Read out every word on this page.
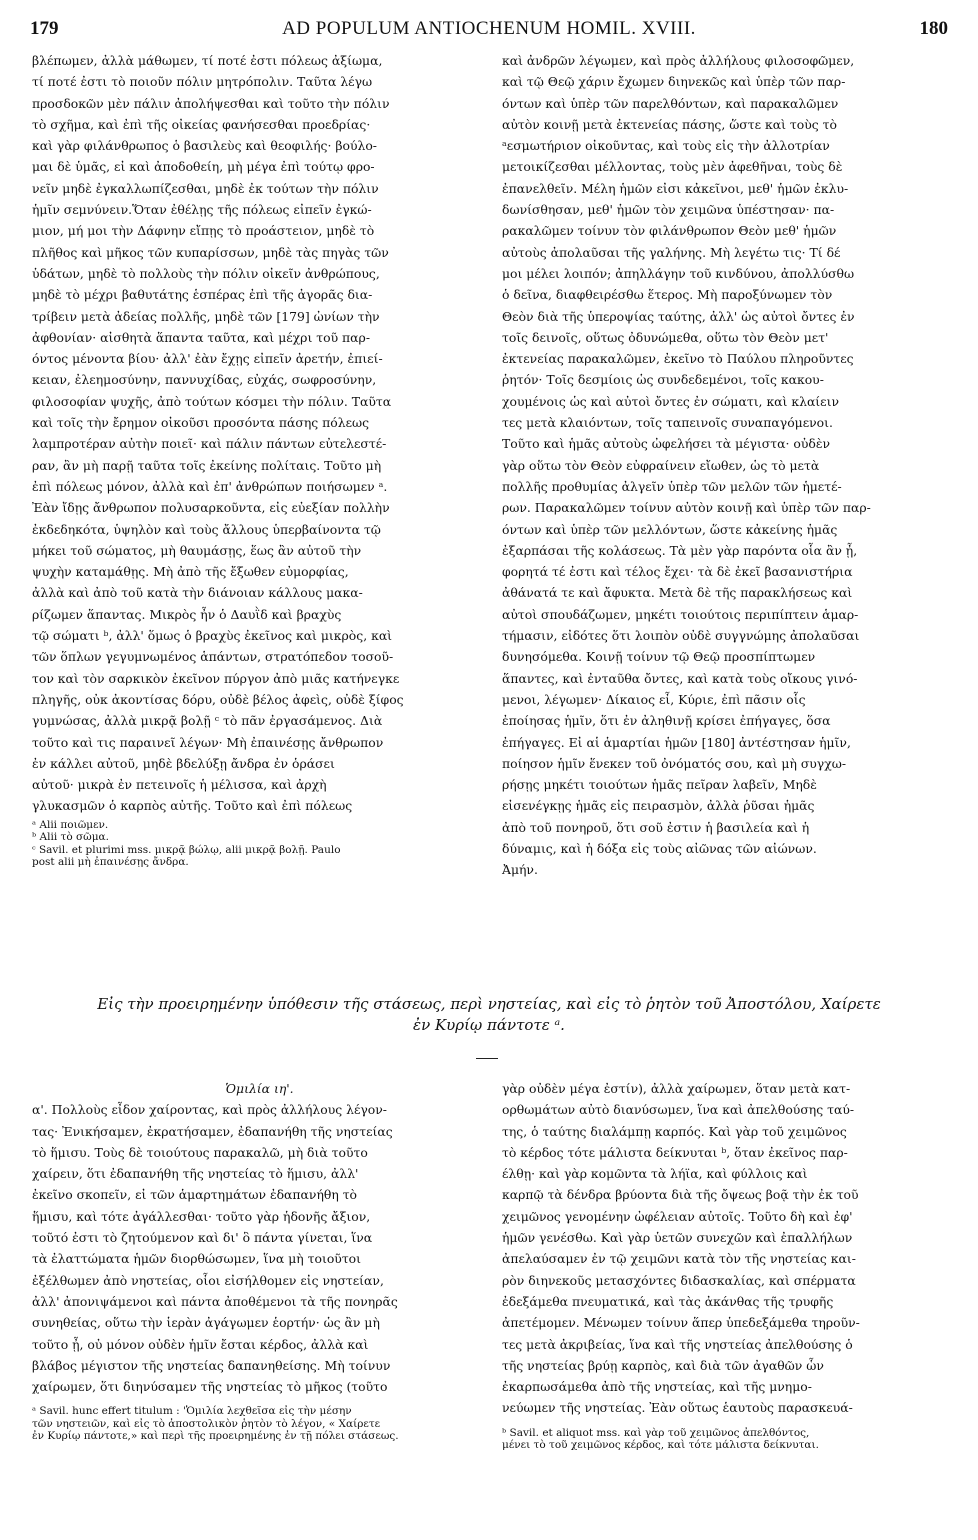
179	AD POPULUM ANTIOCHENUM HOMIL. XVIII.	180
βλέπωμεν, ἀλλὰ μάθωμεν, τί ποτέ ἐστι πόλεως ἀξίωμα,
τί ποτέ ἐστι τὸ ποιοῦν πόλιν μητρόπολιν. Ταῦτα λέγω
προσδοκῶν μὲν πάλιν ἀπολήψεσθαι καὶ τοῦτο τὴν πόλιν
τὸ σχῆμα, καὶ ἐπὶ τῆς οἰκείας φανήσεσθαι προεδρίας·
καὶ γὰρ φιλάνθρωπος ὁ βασιλεὺς καὶ θεοφιλής· βούλο-
μαι δὲ ὑμᾶς, εἰ καὶ ἀποδοθείη, μὴ μέγα ἐπὶ τούτῳ φρο-
νεῖν μηδὲ ἐγκαλλωπίζεσθαι, μηδὲ ἐκ τούτων τὴν πόλιν
ἡμῖν σεμνύνειν.Ὅταν ἐθέλῃς τῆς πόλεως εἰπεῖν ἐγκώ-
μιον, μή μοι τὴν Δάφνην εἴπῃς τὸ προάστειον, μηδὲ τὸ
πλῆθος καὶ μῆκος τῶν κυπαρίσσων, μηδὲ τὰς πηγὰς τῶν
ὑδάτων, μηδὲ τὸ πολλοὺς τὴν πόλιν οἰκεῖν ἀνθρώπους,
μηδὲ τὸ μέχρι βαθυτάτης ἑσπέρας ἐπὶ τῆς ἀγορᾶς δια-
τρίβειν μετὰ ἀδείας πολλῆς, μηδὲ τῶν [179] ὠνίων τὴν
ἀφθονίαν· αἰσθητὰ ἅπαντα ταῦτα, καὶ μέχρι τοῦ παρ-
όντος μένοντα βίου· ἀλλ' ἐὰν ἔχῃς εἰπεῖν ἀρετήν, ἐπιεί-
κειαν, ἐλεημοσύνην, παννυχίδας, εὐχάς, σωφροσύνην,
φιλοσοφίαν ψυχῆς, ἀπὸ τούτων κόσμει τὴν πόλιν. Ταῦτα
καὶ τοῖς τὴν ἔρημον οἰκοῦσι προσόντα πάσης πόλεως
λαμπροτέραν αὐτὴν ποιεῖ· καὶ πάλιν πάντων εὐτελεστέ-
ραν, ἂν μὴ παρῇ ταῦτα τοῖς ἐκείνης πολίταις. Τοῦτο μὴ
ἐπὶ πόλεως μόνον, ἀλλὰ καὶ ἐπ' ἀνθρώπων ποιήσωμεν ᵃ.
Ἐὰν ἴδῃς ἄνθρωπον πολυσαρκοῦντα, εἰς εὐεξίαν πολλὴν
ἐκδεδηκότα, ὑψηλὸν καὶ τοὺς ἄλλους ὑπερβαίνοντα τῷ
μήκει τοῦ σώματος, μὴ θαυμάσῃς, ἕως ἂν αὐτοῦ τὴν
ψυχὴν καταμάθῃς. Μὴ ἀπὸ τῆς ἔξωθεν εὐμορφίας,
ἀλλὰ καὶ ἀπὸ τοῦ κατὰ τὴν διάνοιαν κάλλους μακα-
ρίζωμεν ἅπαντας. Μικρὸς ἦν ὁ Δαυῒδ καὶ βραχὺς
τῷ σώματι ᵇ, ἀλλ' ὅμως ὁ βραχὺς ἐκεῖνος καὶ μικρὸς, καὶ
τῶν ὅπλων γεγυμνωμένος ἁπάντων, στρατόπεδον τοσοῦ-
τον καὶ τὸν σαρκικὸν ἐκεῖνον πύργον ἀπὸ μιᾶς κατήνεγκε
πληγῆς, οὐκ ἀκοντίσας δόρυ, οὐδὲ βέλος ἀφεὶς, οὐδὲ ξίφος
γυμνώσας, ἀλλὰ μικρᾷ βολῇ ᶜ τὸ πᾶν ἐργασάμενος. Διὰ
τοῦτο καὶ τις παραινεῖ λέγων· Μὴ ἐπαινέσῃς ἄνθρωπον
ἐν κάλλει αὐτοῦ, μηδὲ βδελύξῃ ἄνδρα ἐν ὁράσει
αὐτοῦ· μικρὰ ἐν πετεινοῖς ἡ μέλισσα, καὶ ἀρχὴ
γλυκασμῶν ὁ καρπὸς αὐτῆς. Τοῦτο καὶ ἐπὶ πόλεως
ᵃ Alii ποιῶμεν.
ᵇ Alii τὸ σῶμα.
ᶜ Savil. et plurimi mss. μικρᾷ βώλῳ, alii μικρᾷ βολῇ. Paulo
post alii μὴ ἐπαινέσῃς ἄνδρα.
καὶ ἀνδρῶν λέγωμεν, καὶ πρὸς ἀλλήλους φιλοσοφῶμεν,
καὶ τῷ Θεῷ χάριν ἔχωμεν διηνεκῶς καὶ ὑπὲρ τῶν παρ-
όντων καὶ ὑπὲρ τῶν παρελθόντων, καὶ παρακαλῶμεν
αὐτὸν κοινῇ μετὰ ἐκτενείας πάσης, ὥστε καὶ τοὺς τὸ
ᵃεσμωτήριον οἰκοῦντας, καὶ τοὺς εἰς τὴν ἀλλοτρίαν
μετοικίζεσθαι μέλλοντας, τοὺς μὲν ἀφεθῆναι, τοὺς δὲ
ἐπανελθεῖν. Μέλη ἡμῶν εἰσι κἀκεῖνοι, μεθ' ἡμῶν ἐκλυ-
δωνίσθησαν, μεθ' ἡμῶν τὸν χειμῶνα ὑπέστησαν· πα-
ρακαλῶμεν τοίνυν τὸν φιλάνθρωπον Θεὸν μεθ' ἡμῶν
αὐτοὺς ἀπολαῦσαι τῆς γαλήνης. Μὴ λεγέτω τις· Τί δέ
μοι μέλει λοιπόν; ἀπηλλάγην τοῦ κινδύνου, ἀπολλύσθω
ὁ δεῖνα, διαφθειρέσθω ἕτερος. Μὴ παροξύνωμεν τὸν
Θεὸν διὰ τῆς ὑπεροψίας ταύτης, ἀλλ' ὡς αὐτοὶ ὄντες ἐν
τοῖς δεινοῖς, οὕτως ὀδυνώμεθα, οὕτω τὸν Θεὸν μετ'
ἐκτενείας παρακαλῶμεν, ἐκεῖνο τὸ Παύλου πληροῦντες
ῥητόν· Τοῖς δεσμίοις ὡς συνδεδεμένοι, τοῖς κακου-
χουμένοις ὡς καὶ αὐτοὶ ὄντες ἐν σώματι, καὶ κλαίειν
τες μετὰ κλαιόντων, τοῖς ταπεινοῖς συναπαγόμενοι.
Τοῦτο καὶ ἡμᾶς αὐτοὺς ὠφελήσει τὰ μέγιστα· οὐδὲν
γὰρ οὕτω τὸν Θεὸν εὐφραίνειν εἴωθεν, ὡς τὸ μετὰ
πολλῆς προθυμίας ἀλγεῖν ὑπὲρ τῶν μελῶν τῶν ἡμετέ-
ρων. Παρακαλῶμεν τοίνυν αὐτὸν κοινῇ καὶ ὑπὲρ τῶν παρ-
όντων καὶ ὑπὲρ τῶν μελλόντων, ὥστε κἀκείνης ἡμᾶς
ἐξαρπάσαι τῆς κολάσεως. Τὰ μὲν γὰρ παρόντα οἷα ἂν ᾖ,
φορητά τέ ἐστι καὶ τέλος ἔχει· τὰ δὲ ἐκεῖ βασανιστήρια
ἀθάνατά τε καὶ ἄφυκτα. Μετὰ δὲ τῆς παρακλήσεως καὶ
αὐτοὶ σπουδάζωμεν, μηκέτι τοιούτοις περιπίπτειν ἁμαρ-
τήμασιν, εἰδότες ὅτι λοιπὸν οὐδὲ συγγνώμης ἀπολαῦσαι
δυνησόμεθα. Κοινῇ τοίνυν τῷ Θεῷ προσπίπτωμεν
ἅπαντες, καὶ ἐνταῦθα ὄντες, καὶ κατὰ τοὺς οἴκους γινό-
μενοι, λέγωμεν· Δίκαιος εἶ, Κύριε, ἐπὶ πᾶσιν οἷς
ἐποίησας ἡμῖν, ὅτι ἐν ἀληθινῇ κρίσει ἐπήγαγες, ὅσα
ἐπήγαγες. Εἰ αἱ ἁμαρτίαι ἡμῶν [180] ἀντέστησαν ἡμῖν,
ποίησον ἡμῖν ἕνεκεν τοῦ ὀνόματός σου, καὶ μὴ συγχω-
ρήσῃς μηκέτι τοιούτων ἡμᾶς πεῖραν λαβεῖν, Μηδὲ
εἰσενέγκῃς ἡμᾶς εἰς πειρασμὸν, ἀλλὰ ῥῦσαι ἡμᾶς
ἀπὸ τοῦ πονηροῦ, ὅτι σοῦ ἐστιν ἡ βασιλεία καὶ ἡ
δύναμις, καὶ ἡ δόξα εἰς τοὺς αἰῶνας τῶν αἰώνων.
Ἀμήν.
Εἰς τὴν προειρημένην ὑπόθεσιν τῆς στάσεως, περὶ νηστείας, καὶ εἰς τὸ ῥητὸν τοῦ Ἀποστόλου, Χαίρετε
ἐν Κυρίῳ πάντοτε ᵃ.
Ὁμιλία ιη'.
α'. Πολλοὺς εἶδον χαίροντας, καὶ πρὸς ἀλλήλους λέγον-
τας· Ἐνικήσαμεν, ἐκρατήσαμεν, ἐδαπανήθη τῆς νηστείας
τὸ ἥμισυ. Τοὺς δὲ τοιούτους παρακαλῶ, μὴ διὰ τοῦτο
χαίρειν, ὅτι ἐδαπανήθη τῆς νηστείας τὸ ἥμισυ, ἀλλ'
ἐκεῖνο σκοπεῖν, εἰ τῶν ἁμαρτημάτων ἐδαπανήθη τὸ
ἥμισυ, καὶ τότε ἀγάλλεσθαι· τοῦτο γὰρ ἡδονῆς ἄξιον,
τοῦτό ἐστι τὸ ζητούμενον καὶ δι' ὃ πάντα γίνεται, ἵνα
τὰ ἐλαττώματα ἡμῶν διορθώσωμεν, ἵνα μὴ τοιοῦτοι
ἐξέλθωμεν ἀπὸ νηστείας, οἷοι εἰσήλθομεν εἰς νηστείαν,
ἀλλ' ἀπονιψάμενοι καὶ πάντα ἀποθέμενοι τὰ τῆς πονηρᾶς
συνηθείας, οὕτω τὴν ἱερὰν ἀγάγωμεν ἑορτήν· ὡς ἂν μὴ
τοῦτο ᾖ, οὐ μόνον οὐδὲν ἡμῖν ἔσται κέρδος, ἀλλὰ καὶ
βλάβος μέγιστον τῆς νηστείας δαπανηθείσης. Μὴ τοίνυν
χαίρωμεν, ὅτι διηνύσαμεν τῆς νηστείας τὸ μῆκος (τοῦτο
ᵃ Savil. hunc effert titulum : 'Ὁμιλία λεχθεῖσα εἰς τὴν μέσην
τῶν νηστειῶν, καὶ εἰς τὸ ἀποστολικὸν ῥητὸν τὸ λέγον, « Χαίρετε
ἐν Κυρίῳ πάντοτε,» καὶ περὶ τῆς προειρημένης ἐν τῇ πόλει στάσεως.
γὰρ οὐδὲν μέγα ἐστίν), ἀλλὰ χαίρωμεν, ὅταν μετὰ κατ-
ορθωμάτων αὐτὸ διανύσωμεν, ἵνα καὶ ἀπελθούσης ταύ-
της, ὁ ταύτης διαλάμπῃ καρπός. Καὶ γὰρ τοῦ χειμῶνος
τὸ κέρδος τότε μάλιστα δείκνυται ᵇ, ὅταν ἐκεῖνος παρ-
έλθῃ· καὶ γὰρ κομῶντα τὰ λήϊα, καὶ φύλλοις καὶ
καρπῷ τὰ δένδρα βρύοντα διὰ τῆς ὄψεως βοᾷ τὴν ἐκ τοῦ
χειμῶνος γενομένην ὠφέλειαν αὐτοῖς. Τοῦτο δὴ καὶ ἐφ'
ἡμῶν γενέσθω. Καὶ γὰρ ὑετῶν συνεχῶν καὶ ἐπαλλήλων
ἀπελαύσαμεν ἐν τῷ χειμῶνι κατὰ τὸν τῆς νηστείας και-
ρὸν διηνεκοῦς μετασχόντες διδασκαλίας, καὶ σπέρματα
ἐδεξάμεθα πνευματικά, καὶ τὰς ἀκάνθας τῆς τρυφῆς
ἀπετέμομεν. Μένωμεν τοίνυν ἅπερ ὑπεδεξάμεθα τηροῦν-
τες μετὰ ἀκριβείας, ἵνα καὶ τῆς νηστείας ἀπελθούσης ὁ
τῆς νηστείας βρύῃ καρπὸς, καὶ διὰ τῶν ἀγαθῶν ὧν
ἐκαρπωσάμεθα ἀπὸ τῆς νηστείας, καὶ τῆς μνημο-
νεύωμεν τῆς νηστείας. Ἐὰν οὕτως ἑαυτοὺς παρασκευά-
ᵇ Savil. et aliquot mss. καὶ γὰρ τοῦ χειμῶνος ἀπελθόντος,
μένει τὸ τοῦ χειμῶνος κέρδος, καὶ τότε μάλιστα δείκνυται.
